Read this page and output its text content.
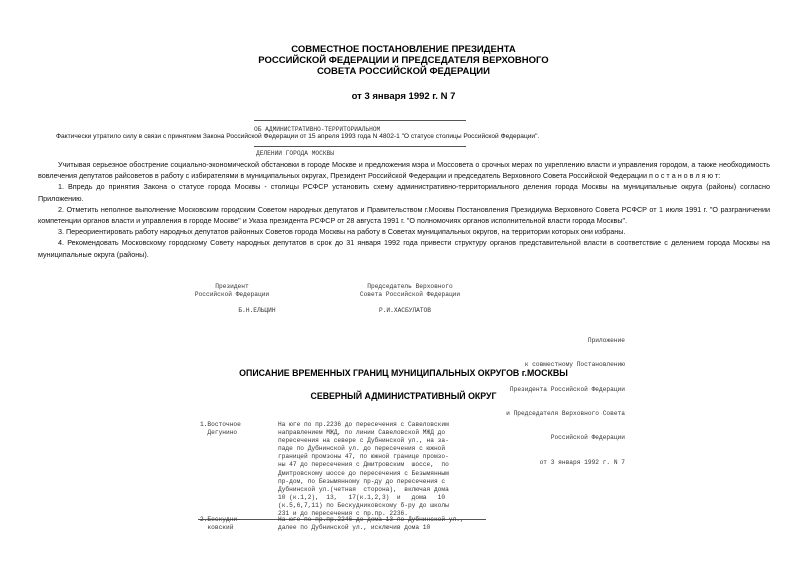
СОВМЕСТНОЕ ПОСТАНОВЛЕНИЕ ПРЕЗИДЕНТА
РОССИЙСКОЙ ФЕДЕРАЦИИ И ПРЕДСЕДАТЕЛЯ ВЕРХОВНОГО
СОВЕТА РОССИЙСКОЙ ФЕДЕРАЦИИ
от 3 января 1992 г. N 7

ОБ АДМИНИСТРАТИВНО-ТЕРРИТОРИАЛЬНОМ

ДЕЛЕНИИ ГОРОДА МОСКВЫ

Фактически утратило силу в связи с принятием Закона Российской Федерации от 15 апреля 1993 года N 4802-1 "О статусе столицы Российской Федерации".

Учитывая серьезное обострение социально-экономической обстановки в городе Москве и предложения мэра и Моссовета о срочных мерах по укреплению власти и управления городом, а также необходимость вовлечения депутатов райсоветов в работу с избирателями в муниципальных округах, Президент Российской Федерации и председатель Верховного Совета Российской Федерации п о с т а н о в л я ю т:

1. Впредь до принятия Закона о статусе города Москвы - столицы РСФСР установить схему административно-территориального деления города Москвы на муниципальные округа (районы) согласно Приложению.

2. Отметить неполное выполнение Московским городским Советом народных депутатов и Правительством г.Москвы Постановления Президиума Верховного Совета РСФСР от 1 июля 1991 г. "О разграничении компетенции органов власти и управления в городе Москве" и Указа президента РСФСР от 28 августа 1991 г. "О полномочиях органов исполнительной власти города Москвы".

3. Переориентировать работу народных депутатов районных Советов города Москвы на работу в Советах муниципальных округов, на территории которых они избраны.

4. Рекомендовать Московскому городскому Совету народных депутатов в срок до 31 января 1992 года привести структуру органов представительной власти в соответствие с делением города Москвы на муниципальные округа (районы).

Президент
Российской Федерации
Б.Н.ЕЛЬЦИН
Председатель Верховного
Совета Российской Федерации
Р.И.ХАСБУЛАТОВ

Приложение

к совместному Постановлению

Президента Российской Федерации

и Председателя Верховного Совета

Российской Федерации

от 3 января 1992 г. N 7

ОПИСАНИЕ ВРЕМЕННЫХ ГРАНИЦ МУНИЦИПАЛЬНЫХ ОКРУГОВ г.МОСКВЫ
СЕВЕРНЫЙ АДМИНИСТРАТИВНЫЙ ОКРУГ
1.Восточное
Дегунино
На юге по пр.2236 до пересечения с Савеловским
направлением МЖД, по линии Савеловской МЖД до
пересечения на севере с Дубнинской ул., на за-
паде по Дубнинской ул. до пересечения с южной
границей промзоны 47, по южной границе промзо-
ны 47 до пересечения с Дмитровским  шоссе,  по
Дмитровскому шоссе до пересечения с Безымянным
пр-дом, по Безымянному пр-ду до пересечения с
Дубнинской ул.(четная  сторона),  включая дома
10 (к.1,2),  13,   17(к.1,2,3)  и   дома   10
(к.5,6,7,11) по Бескудниковскому б-ру до школы
231 и до пересечения с пр.пр. 2236.
2.Бескудни-
ковский
На юге по пр.пр.2246 до дома 13 по Дубнинской ул.,
далее по Дубнинской ул., исключив дома 10
